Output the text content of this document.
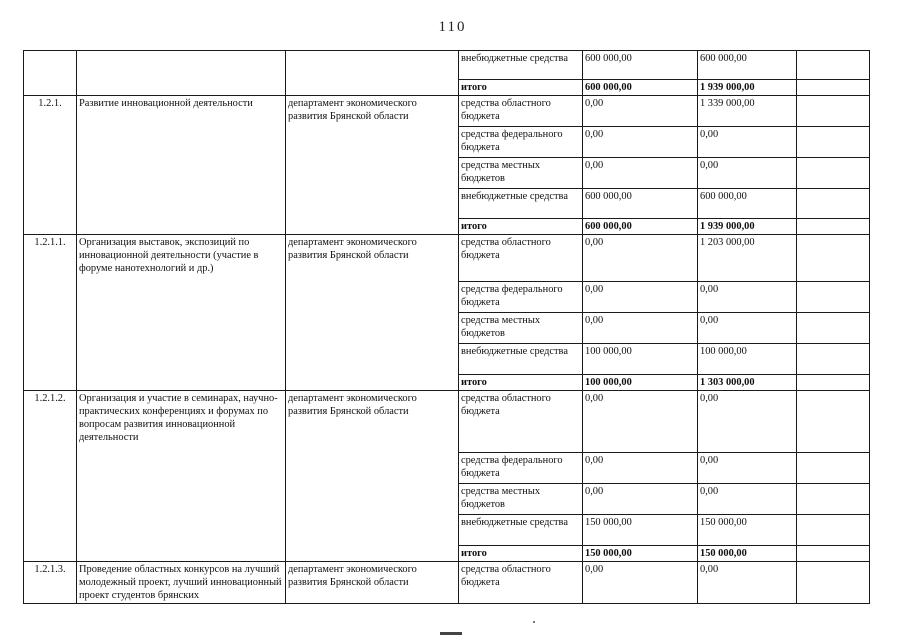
110
			внебюджетные средства	600 000,00	600 000,00	
			итого	600 000,00	1 939 000,00	
1.2.1.	Развитие инновационной деятельности	департамент экономического развития Брянской области	средства областного бюджета	0,00	1 339 000,00	
			средства федерального бюджета	0,00	0,00	
			средства местных бюджетов	0,00	0,00	
			внебюджетные средства	600 000,00	600 000,00	
			итого	600 000,00	1 939 000,00	
1.2.1.1.	Организация выставок, экспозиций по инновационной деятельности (участие в форуме нанотехнологий и др.)	департамент экономического развития Брянской области	средства областного бюджета	0,00	1 203 000,00	
			средства федерального бюджета	0,00	0,00	
			средства местных бюджетов	0,00	0,00	
			внебюджетные средства	100 000,00	100 000,00	
			итого	100 000,00	1 303 000,00	
1.2.1.2.	Организация и участие в семинарах, научно-практических конференциях и форумах по вопросам развития инновационной деятельности	департамент экономического развития Брянской области	средства областного бюджета	0,00	0,00	
			средства федерального бюджета	0,00	0,00	
			средства местных бюджетов	0,00	0,00	
			внебюджетные средства	150 000,00	150 000,00	
			итого	150 000,00	150 000,00	
1.2.1.3.	Проведение областных конкурсов на лучший молодежный проект, лучший инновационный проект студентов брянских	департамент экономического развития Брянской области	средства областного бюджета	0,00	0,00	
